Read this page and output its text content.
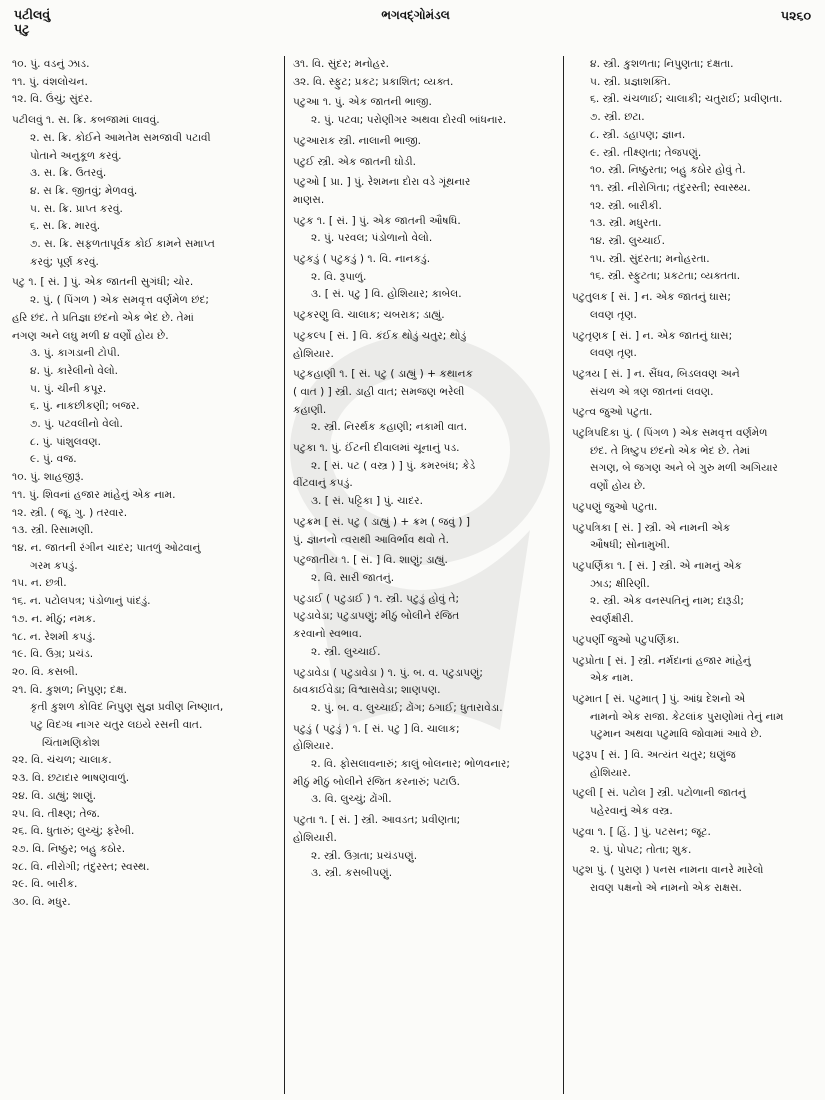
પટીલવું
પટુ
ભગવદ્ગોમંડલ	૫૨૬૦
૧૦. પું. વડનું ઝાડ.
૧૧. પું. વંશલોચન.
૧૨. વિ. ઉંચું; સુંદર.
પટીલવું ૧. સ. ક્રિ. કબજામાં લાવવું.
૨. સ. ક્રિ. કોઈને આમતેમ સમજાવી પટાવી
પોતાને અનુકૂળ કરવું.
૩. સ. ક્રિ. ઉતરવું.
૪. સ ક્રિ. જીતવું; મેળવવું.
૫. સ. ક્રિ. પ્રાપ્ત કરવું.
૬. સ. ક્રિ. મારવું.
૭. સ. ક્રિ. સફળતાપૂર્વક કોઈ કામને સમાપ્ત
કરવું; પૂર્ણ કરવું.
પટુ ૧. [ સં. ] પું. એક જાતની સુગંધી; ચોર.
૨. પું. ( પિંગળ ) એક સમવૃત્ત વર્ણમેળ છંદ;
હરિ છંદ. તે પ્રતિજ્ઞા છંદનો એક ભેદ છે. તેમાં
નગણ અને લઘુ મળી ૪ વર્ણો હોય છે.
૩. પું. કાગડાની ટોપી.
૪. પું. કારેલીનો વેલો.
૫. પું. ચીની કપૂર.
૬. પું. નાકછીકણી; બજર.
૭. પું. પટવલીનો વેલો.
૮. પું. પાંશુલવણ.
૯. પું. વજ.
૧૦. પું. શાહજીરૂં.
૧૧. પું. શિવનાં હજાર માંહેનું એક નામ.
૧૨. સ્ત્રી. ( જૂ. ગુ. ) તરવાર.
૧૩. સ્ત્રી. રિસામણી.
૧૪. ન. જાતની રંગીન ચાદર; પાતળું ઓઢવાનું
ગરમ કપડું.
૧૫. ન. છત્રી.
૧૬. ન. પટોલપત્ર; પંડોળાનું પાંદડું.
૧૭. ન. મીઠું; નમક.
૧૮. ન. રેશમી કપડું.
૧૯. વિ. ઉગ્ર; પ્રચંડ.
૨૦. વિ. કસબી.
૨૧. વિ. કુશળ; નિપુણ; દક્ષ.
કૃતી કુશળ કોવિદ નિપુણ સુજ્ઞ પ્રવીણ નિષ્ણાત,
પટુ વિદગ્ધ નાગર ચતુર લઇયે રસની વાત.
ચિંતામણિકોશ
૨૨. વિ. ચંચળ; ચાલાક.
૨૩. વિ. છટાદાર ભાષણવાળું.
૨૪. વિ. ડાહ્યું; શાણું.
૨૫. વિ. તીક્ષ્ણ; તેજ.
૨૬. વિ. ધુતારું; લુચ્ચું; ફરેબી.
૨૭. વિ. નિષ્ઠુર; બહુ કઠોર.
૨૮. વિ. નીરોગી; તંદુરસ્ત; સ્વસ્થ.
૨૯. વિ. બારીક.
૩૦. વિ. મધુર.
૩૧. વિ. સુંદર; મનોહર.
૩૨. વિ. સ્ફુટ; પ્રકટ; પ્રકાશિત; વ્યક્ત.
પટુઆ ૧. પું. એક જાતની ભાજી.
૨. પું. પટવા; પરોણીગર અથવા દોરવી બાંધનાર.
પટુઆરાક સ્ત્રી. નાલાની ભાજી.
પટુઈ સ્ત્રી. એક જાતની ઘોડી.
પટુઓ [ પ્રા. ] પું. રેશમના દોરા વડે ગૂંથનાર
માણસ.
પટુક ૧. [ સં. ] પું. એક જાતની ઔષધિ.
૨. પું. પરવલ; પંડોળાનો વેલો.
પટુકડું ( પટુકડું ) ૧. વિ. નાનકડું.
૨. વિ. રૂપાળું.
૩. [ સં. પટુ ] વિ. હોશિયાર; કાબેલ.
પટુકરણુ વિ. ચાલાક; ચબરાક; ડાહ્યું.
પટુકલ્પ [ સં. ] વિ. કંઈક થોડું ચતુર; થોડું
હોશિયાર.
પટુકહાણી ૧. [ સં. પટુ ( ડાહ્યું ) + કથાનક
( વાત ) ] સ્ત્રી. ડાહી વાત; સમજણ ભરેલી
કહાણી.
૨. સ્ત્રી. નિરર્થક કહાણી; નકામી વાત.
પટુકા ૧. પું. ઈંટની દીવાલમાં ચૂનાનું પડ.
૨. [ સં. પટ ( વસ્ત્ર ) ] પું. કમરબંધ; કેડે
વીંટવાનું કપડું.
૩. [ સં. પટ્ટિકા ] પું. ચાદર.
પટુક્રમ [ સં. પટુ ( ડાહ્યું ) + ક્રમ ( જવું ) ]
પું. જ્ઞાનનો ત્વરાથી આવિર્ભાવ થવો તે.
પટુજાતીય ૧. [ સં. ] વિ. શાણું; ડાહ્યું.
૨. વિ. સારી જાતનું.
પટુડાઈ ( પટુડાઈ ) ૧. સ્ત્રી. પટુડું હોવું તે;
પટુડાવેડા; પટુડાપણું; મીઠું બોલીને રંજિત
કરવાનો સ્વભાવ.
૨. સ્ત્રી. લુચ્ચાઈ.
પટુડાવેડા ( પટુડાવેડા ) ૧. પું. બ. વ. પટુડાપણું;
ઠાવકાઈવેડા; વિશ્વાસવેડા; શાણપણ.
૨. પું. બ. વ. લુચ્ચાઈ; ઢોંગ; ઠગાઈ; ધુતારાવેડા.
પટુડું ( પટુડું ) ૧. [ સં. પટુ ] વિ. ચાલાક;
હોશિયાર.
૨. વિ. ફોસલાવનારું; કાલું બોલનાર; ભોળવનાર;
મીઠું મીઠું બોલીને રંજિત કરનારું; પટાઉ.
૩. વિ. લુચ્ચું; ઢોંગી.
પટુતા ૧. [ સં. ] સ્ત્રી. આવડત; પ્રવીણતા;
હોશિયારી.
૨. સ્ત્રી. ઉગ્રતા; પ્રચંડપણું.
૩. સ્ત્રી. કસબીપણું.
૪. સ્ત્રી. કુશળતા; નિપુણતા; દક્ષતા.
૫. સ્ત્રી. પ્રજ્ઞાશક્તિ.
૬. સ્ત્રી. ચંચળાઈ; ચાલાકી; ચતુરાઈ; પ્રવીણતા.
૭. સ્ત્રી. છટા.
૮. સ્ત્રી. ડહાપણ; જ્ઞાન.
૯. સ્ત્રી. તીક્ષ્ણતા; તેજપણું.
૧૦. સ્ત્રી. નિષ્ઠુરતા; બહુ કઠોર હોવું તે.
૧૧. સ્ત્રી. નીરોગિતા; તંદુરસ્તી; સ્વાસ્થ્ય.
૧૨. સ્ત્રી. બારીકી.
૧૩. સ્ત્રી. મધુરતા.
૧૪. સ્ત્રી. લુચ્ચાઈ.
૧૫. સ્ત્રી. સુંદરતા; મનોહરતા.
૧૬. સ્ત્રી. સ્ફુટતા; પ્રકટતા; વ્યક્તતા.
પટુતુલક [ સં. ] ન. એક જાતનું ઘાસ;
લવણ તૃણ.
પટુતૃણક [ સં. ] ન. એક જાતનું ઘાસ;
લવણ તૃણ.
પટુત્રય [ સં. ] ન. સૈંધવ, બિડલવણ અને
સંચળ એ ત્રણ જાતનાં લવણ.
પટુત્વ જુઓ પટુતા.
પટુત્રિપદિકા પું. ( પિંગળ ) એક સમવૃત્ત વર્ણમેળ
છંદ. તે ત્રિષ્ટુપ છંદનો એક ભેદ છે. તેમાં
સગણ, બે જગણ અને બે ગુરુ મળી અગિયાર
વર્ણો હોય છે.
પટુપણું જુઓ પટુતા.
પટુપત્રિકા [ સં. ] સ્ત્રી. એ નામની એક
ઔષધી; સોનામુખી.
પટુપર્ણિકા ૧. [ સં. ] સ્ત્રી. એ નામનું એક
ઝાડ; ક્ષીરિણી.
૨. સ્ત્રી. એક વનસ્પતિનું નામ; દારૂડી;
સ્વર્ણક્ષીરી.
પટુપર્ણી જુઓ પટુપર્ણિકા.
પટુપ્રોતા [ સં. ] સ્ત્રી. નર્મદાનાં હજાર માંહેનું
એક નામ.
પટુમાત [ સં. પટુમાત્ ] પું. આંધ્ર દેશનો એ
નામનો એક રાજા. કેટલાંક પુરાણોમાં તેનું નામ
પટુમાન અથવા પટુમાવિ જોવામાં આવે છે.
પટુરૂપ [ સં. ] વિ. અત્યંત ચતુર; ઘણુંજ
હોશિયાર.
પટુલી [ સં. પટોલ ] સ્ત્રી. પટોળાની જાતનું
પહેરવાનું એક વસ્ત્ર.
પટુવા ૧. [ હિં. ] પું. પટસન; જૂટ.
૨. પું. પોપટ; તોતા; શુક.
પટુશ પું. ( પુરાણ ) પનસ નામના વાનરે મારેલો
રાવણ પક્ષનો એ નામનો એક રાક્ષસ.
